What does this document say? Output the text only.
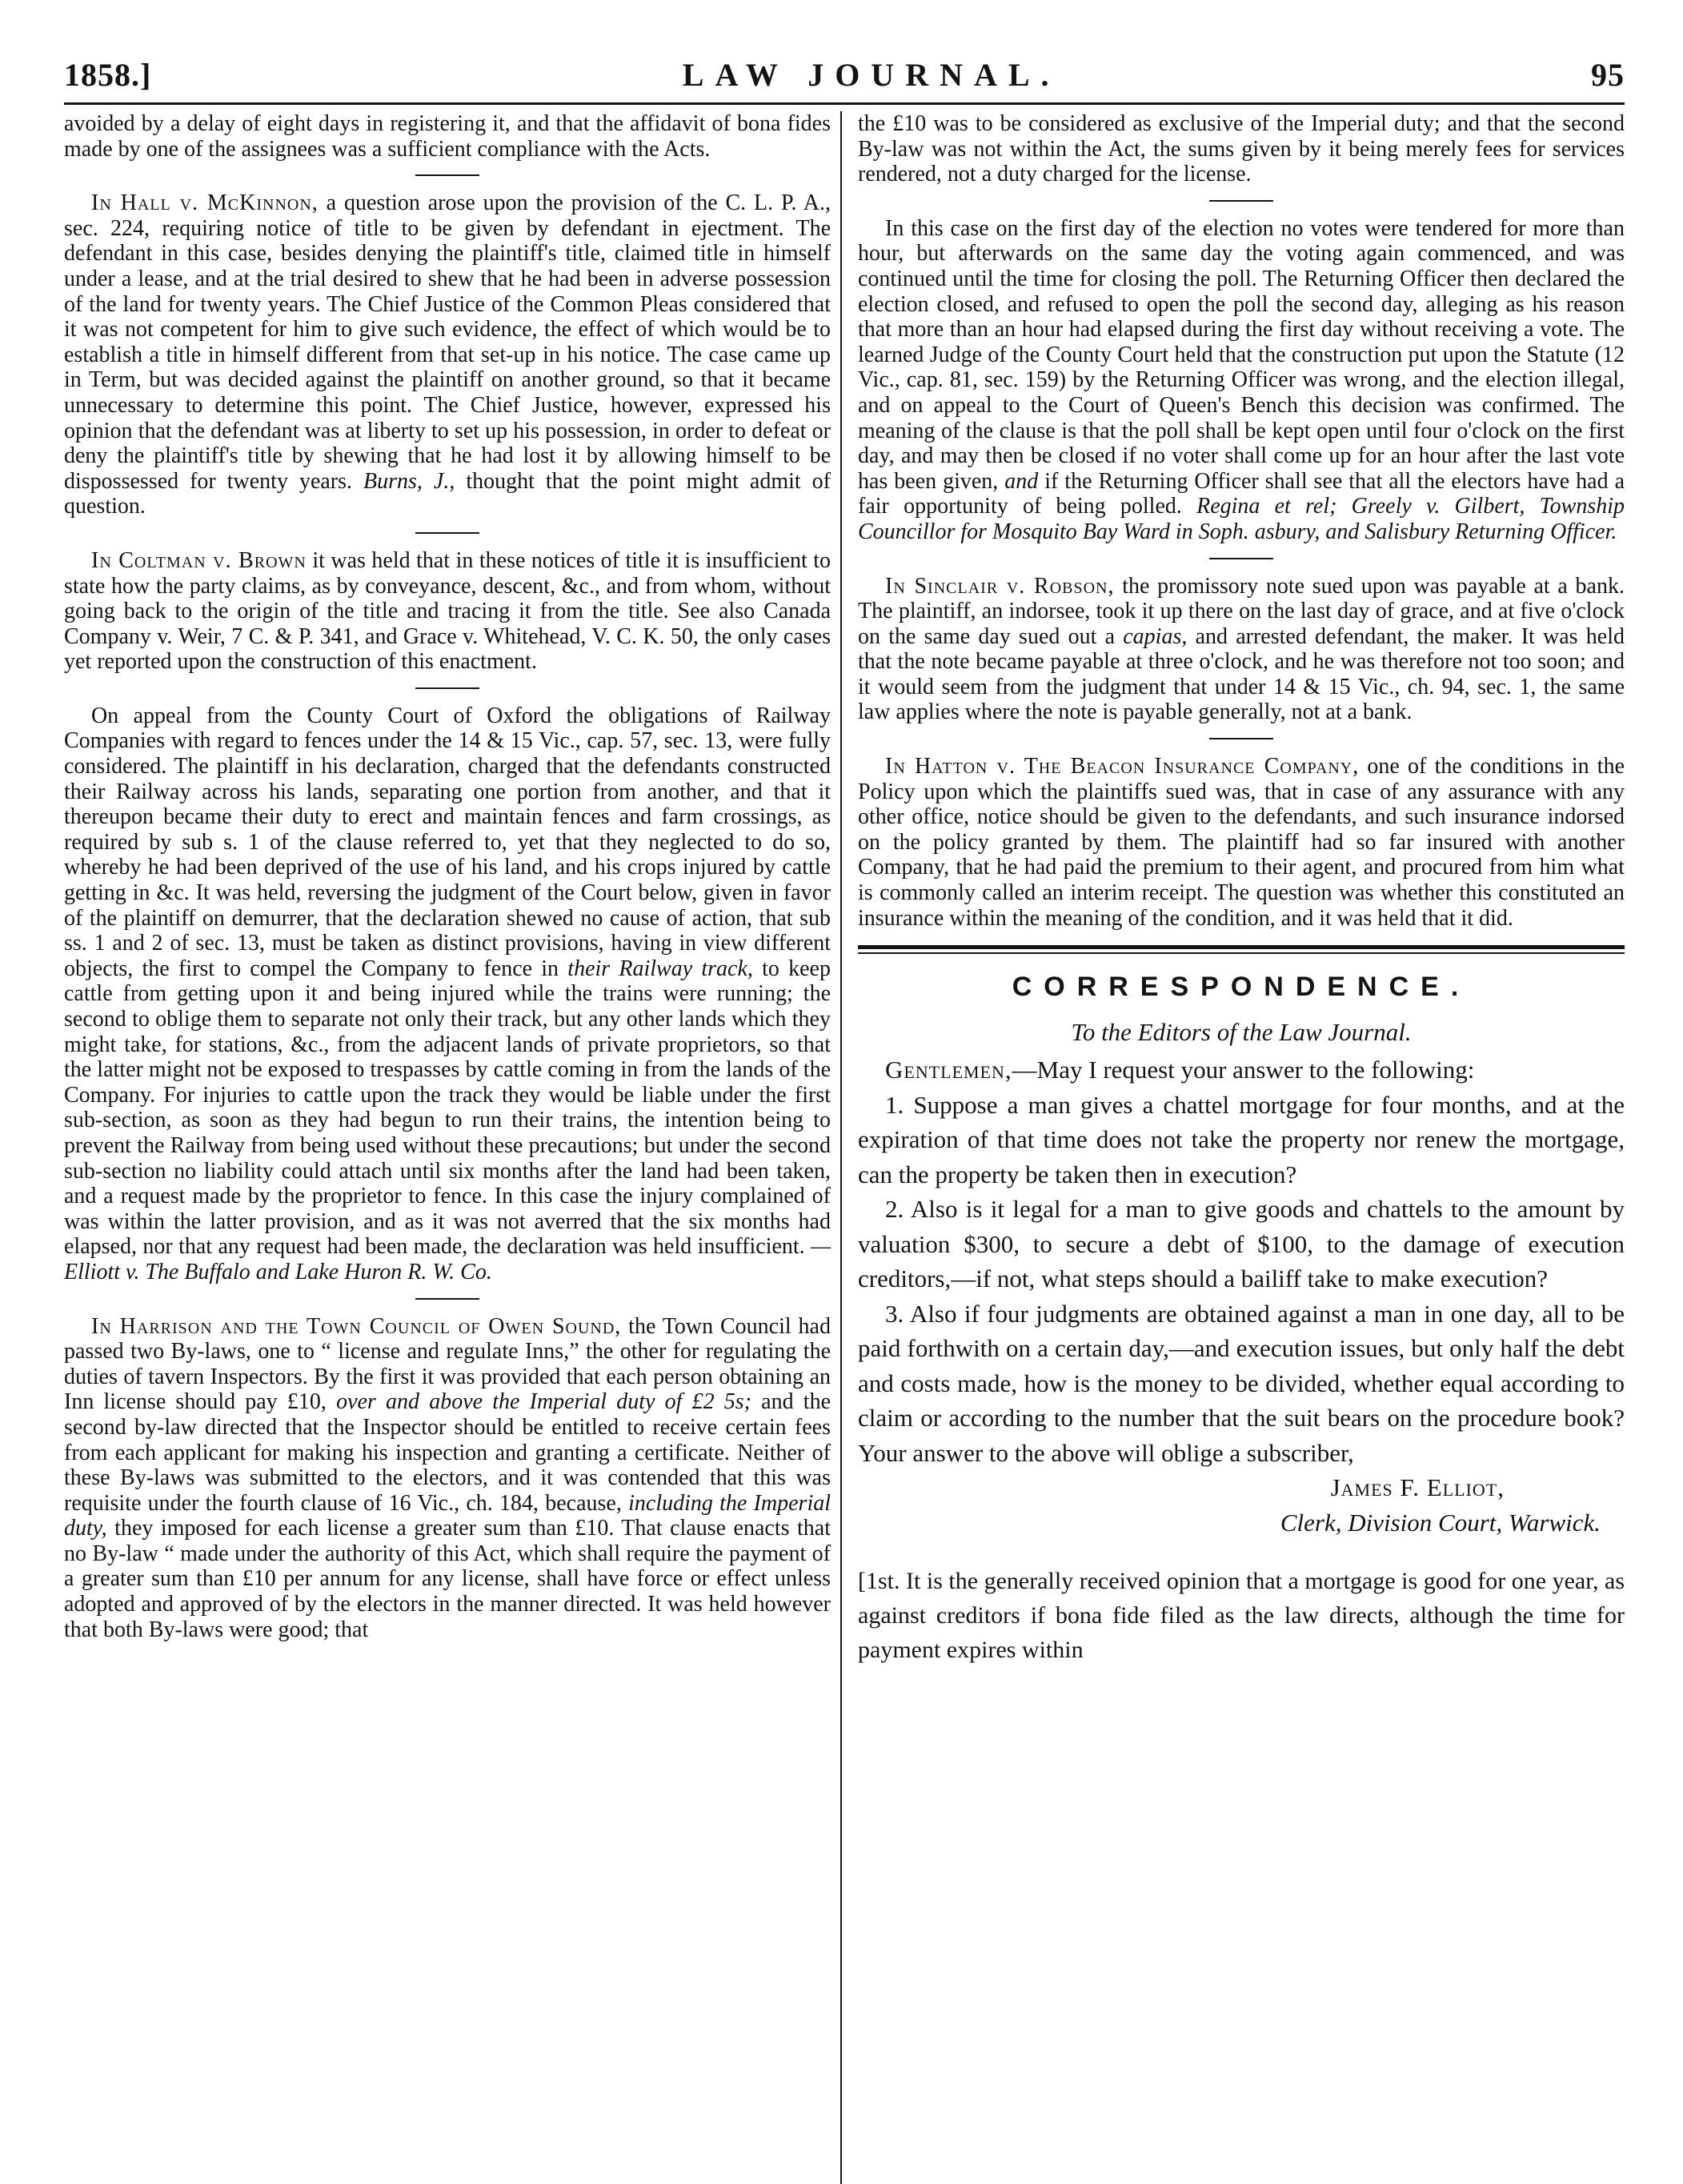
1858.]	LAW JOURNAL.	95

avoided by a delay of eight days in registering it, and that the affidavit of bona fides made by one of the assignees was a sufficient compliance with the Acts.

In Hall v. McKinnon, a question arose upon the provision of the C. L. P. A., sec. 224, requiring notice of title to be given by defendant in ejectment. The defendant in this case, besides denying the plaintiff's title, claimed title in himself under a lease, and at the trial desired to shew that he had been in adverse possession of the land for twenty years. The Chief Justice of the Common Pleas considered that it was not competent for him to give such evidence, the effect of which would be to establish a title in himself different from that set-up in his notice. The case came up in Term, but was decided against the plaintiff on another ground, so that it became unnecessary to determine this point. The Chief Justice, however, expressed his opinion that the defendant was at liberty to set up his possession, in order to defeat or deny the plaintiff's title by shewing that he had lost it by allowing himself to be dispossessed for twenty years. Burns, J., thought that the point might admit of question.

In Coltman v. Brown it was held that in these notices of title it is insufficient to state how the party claims, as by conveyance, descent, &c., and from whom, without going back to the origin of the title and tracing it from the title. See also Canada Company v. Weir, 7 C. & P. 341, and Grace v. Whitehead, V. C. K. 50, the only cases yet reported upon the construction of this enactment.

On appeal from the County Court of Oxford the obligations of Railway Companies with regard to fences under the 14 & 15 Vic., cap. 57, sec. 13, were fully considered. The plaintiff in his declaration, charged that the defendants constructed their Railway across his lands, separating one portion from another, and that it thereupon became their duty to erect and maintain fences and farm crossings, as required by sub s. 1 of the clause referred to, yet that they neglected to do so, whereby he had been deprived of the use of his land, and his crops injured by cattle getting in &c. It was held, reversing the judgment of the Court below, given in favor of the plaintiff on demurrer, that the declaration shewed no cause of action, that sub ss. 1 and 2 of sec. 13, must be taken as distinct provisions, having in view different objects, the first to compel the Company to fence in their Railway track, to keep cattle from getting upon it and being injured while the trains were running; the second to oblige them to separate not only their track, but any other lands which they might take, for stations, &c., from the adjacent lands of private proprietors, so that the latter might not be exposed to trespasses by cattle coming in from the lands of the Company. For injuries to cattle upon the track they would be liable under the first sub-section, as soon as they had begun to run their trains, the intention being to prevent the Railway from being used without these precautions; but under the second sub-section no liability could attach until six months after the land had been taken, and a request made by the proprietor to fence. In this case the injury complained of was within the latter provision, and as it was not averred that the six months had elapsed, nor that any request had been made, the declaration was held insufficient. —Elliott v. The Buffalo and Lake Huron R. W. Co.

In Harrison and the Town Council of Owen Sound, the Town Council had passed two By-laws, one to “ license and regulate Inns,” the other for regulating the duties of tavern Inspectors. By the first it was provided that each person obtaining an Inn license should pay £10, over and above the Imperial duty of £2 5s; and the second by-law directed that the Inspector should be entitled to receive certain fees from each applicant for making his inspection and granting a certificate. Neither of these By-laws was submitted to the electors, and it was contended that this was requisite under the fourth clause of 16 Vic., ch. 184, because, including the Imperial duty, they imposed for each license a greater sum than £10. That clause enacts that no By-law “ made under the authority of this Act, which shall require the payment of a greater sum than £10 per annum for any license, shall have force or effect unless adopted and approved of by the electors in the manner directed. It was held however that both By-laws were good; that

the £10 was to be considered as exclusive of the Imperial duty; and that the second By-law was not within the Act, the sums given by it being merely fees for services rendered, not a duty charged for the license.

In this case on the first day of the election no votes were tendered for more than hour, but afterwards on the same day the voting again commenced, and was continued until the time for closing the poll. The Returning Officer then declared the election closed, and refused to open the poll the second day, alleging as his reason that more than an hour had elapsed during the first day without receiving a vote. The learned Judge of the County Court held that the construction put upon the Statute (12 Vic., cap. 81, sec. 159) by the Returning Officer was wrong, and the election illegal, and on appeal to the Court of Queen's Bench this decision was confirmed. The meaning of the clause is that the poll shall be kept open until four o'clock on the first day, and may then be closed if no voter shall come up for an hour after the last vote has been given, and if the Returning Officer shall see that all the electors have had a fair opportunity of being polled. Regina et rel; Greely v. Gilbert, Township Councillor for Mosquito Bay Ward in Soph. asbury, and Salisbury Returning Officer.

In Sinclair v. Robson, the promissory note sued upon was payable at a bank. The plaintiff, an indorsee, took it up there on the last day of grace, and at five o'clock on the same day sued out a capias, and arrested defendant, the maker. It was held that the note became payable at three o'clock, and he was therefore not too soon; and it would seem from the judgment that under 14 & 15 Vic., ch. 94, sec. 1, the same law applies where the note is payable generally, not at a bank.

In Hatton v. The Beacon Insurance Company, one of the conditions in the Policy upon which the plaintiffs sued was, that in case of any assurance with any other office, notice should be given to the defendants, and such insurance indorsed on the policy granted by them. The plaintiff had so far insured with another Company, that he had paid the premium to their agent, and procured from him what is commonly called an interim receipt. The question was whether this constituted an insurance within the meaning of the condition, and it was held that it did.

CORRESPONDENCE.
To the Editors of the Law Journal.

Gentlemen,—May I request your answer to the following:

1. Suppose a man gives a chattel mortgage for four months, and at the expiration of that time does not take the property nor renew the mortgage, can the property be taken then in execution?

2. Also is it legal for a man to give goods and chattels to the amount by valuation $300, to secure a debt of $100, to the damage of execution creditors,—if not, what steps should a bailiff take to make execution?

3. Also if four judgments are obtained against a man in one day, all to be paid forthwith on a certain day,—and execution issues, but only half the debt and costs made, how is the money to be divided, whether equal according to claim or according to the number that the suit bears on the procedure book? Your answer to the above will oblige a subscriber,

James F. Elliot,
Clerk, Division Court, Warwick.

[1st. It is the generally received opinion that a mortgage is good for one year, as against creditors if bona fide filed as the law directs, although the time for payment expires within
